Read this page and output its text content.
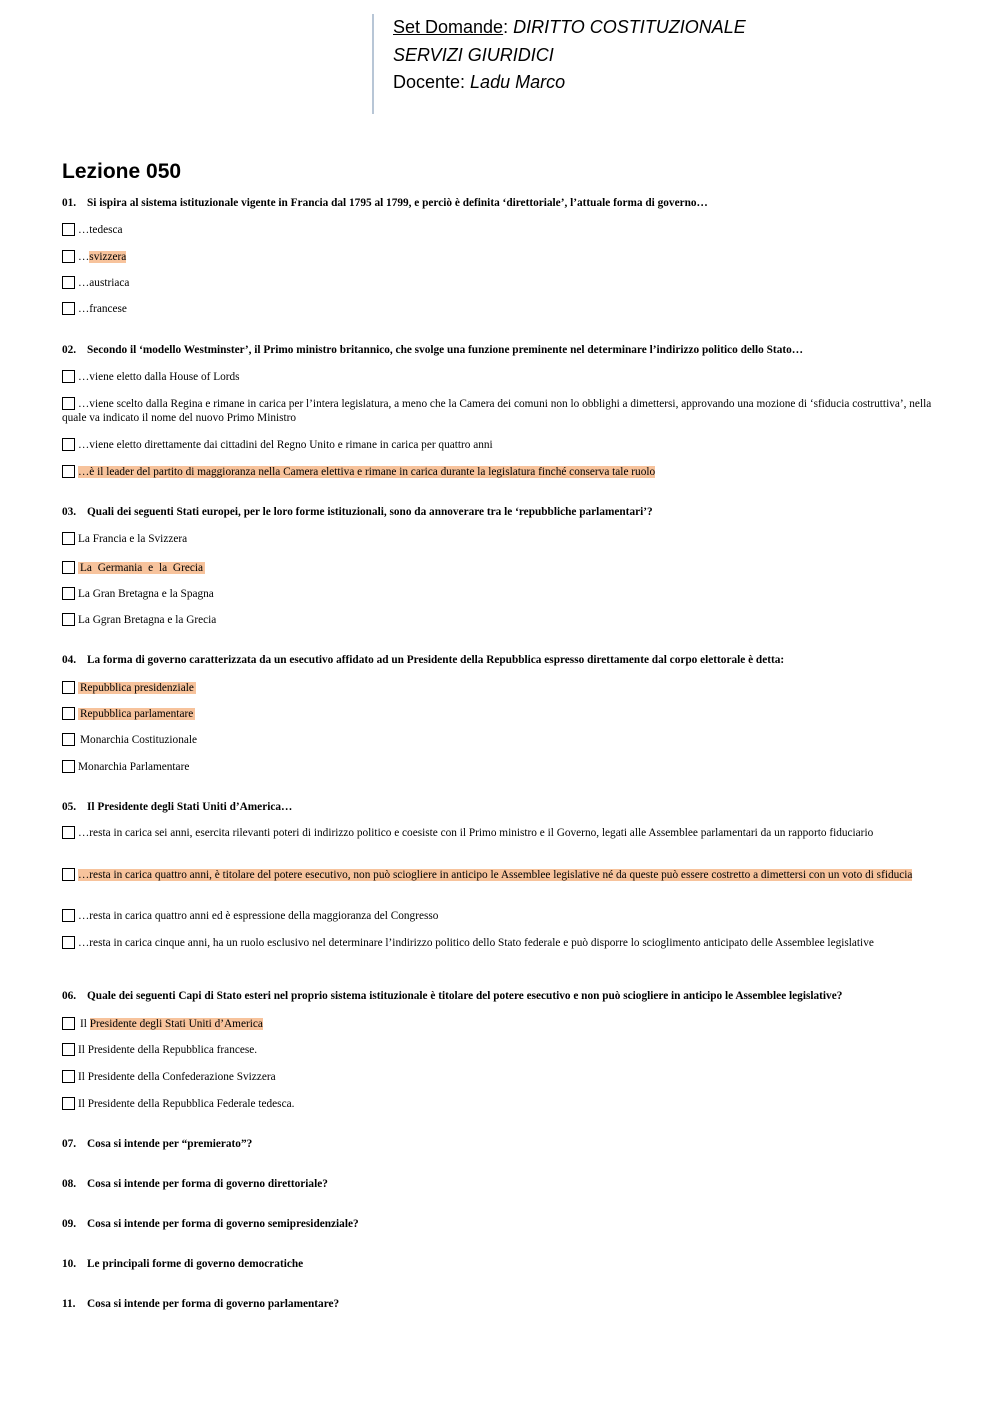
Set Domande: DIRITTO COSTITUZIONALE
SERVIZI GIURIDICI
Docente: Ladu Marco
Lezione 050
01. Si ispira al sistema istituzionale vigente in Francia dal 1795 al 1799, e perciò è definita ‘direttoriale’, l’attuale forma di governo…
…tedesca
…svizzera
…austriaca
…francese
02. Secondo il ‘modello Westminster’, il Primo ministro britannico, che svolge una funzione preminente nel determinare l’indirizzo politico dello Stato…
…viene eletto dalla House of Lords
…viene scelto dalla Regina e rimane in carica per l’intera legislatura, a meno che la Camera dei comuni non lo obblighi a dimettersi, approvando una mozione di ‘sfiducia costruttiva’, nella quale va indicato il nome del nuovo Primo Ministro
…viene eletto direttamente dai cittadini del Regno Unito e rimane in carica per quattro anni
…è il leader del partito di maggioranza nella Camera elettiva e rimane in carica durante la legislatura finché conserva tale ruolo
03. Quali dei seguenti Stati europei, per le loro forme istituzionali, sono da annoverare tra le ‘repubbliche parlamentari’?
La Francia e la Svizzera
La Germania e la Grecia
La Gran Bretagna e la Spagna
La Ggran Bretagna e la Grecia
04. La forma di governo caratterizzata da un esecutivo affidato ad un Presidente della Repubblica espresso direttamente dal corpo elettorale è detta:
Repubblica presidenziale
Repubblica parlamentare
Monarchia Costituzionale
Monarchia Parlamentare
05. Il Presidente degli Stati Uniti d’America…
…resta in carica sei anni, esercita rilevanti poteri di indirizzo politico e coesiste con il Primo ministro e il Governo, legati alle Assemblee parlamentari da un rapporto fiduciario
…resta in carica quattro anni, è titolare del potere esecutivo, non può sciogliere in anticipo le Assemblee legislative né da queste può essere costretto a dimettersi con un voto di sfiducia
…resta in carica quattro anni ed è espressione della maggioranza del Congresso
…resta in carica cinque anni, ha un ruolo esclusivo nel determinare l’indirizzo politico dello Stato federale e può disporre lo scioglimento anticipato delle Assemblee legislative
06. Quale dei seguenti Capi di Stato esteri nel proprio sistema istituzionale è titolare del potere esecutivo e non può sciogliere in anticipo le Assemblee legislative?
Il Presidente degli Stati Uniti d’America
Il Presidente della Repubblica francese.
Il Presidente della Confederazione Svizzera
Il Presidente della Repubblica Federale tedesca.
07. Cosa si intende per “premierato”?
08. Cosa si intende per forma di governo direttoriale?
09. Cosa si intende per forma di governo semipresidenziale?
10. Le principali forme di governo democratiche
11. Cosa si intende per forma di governo parlamentare?
